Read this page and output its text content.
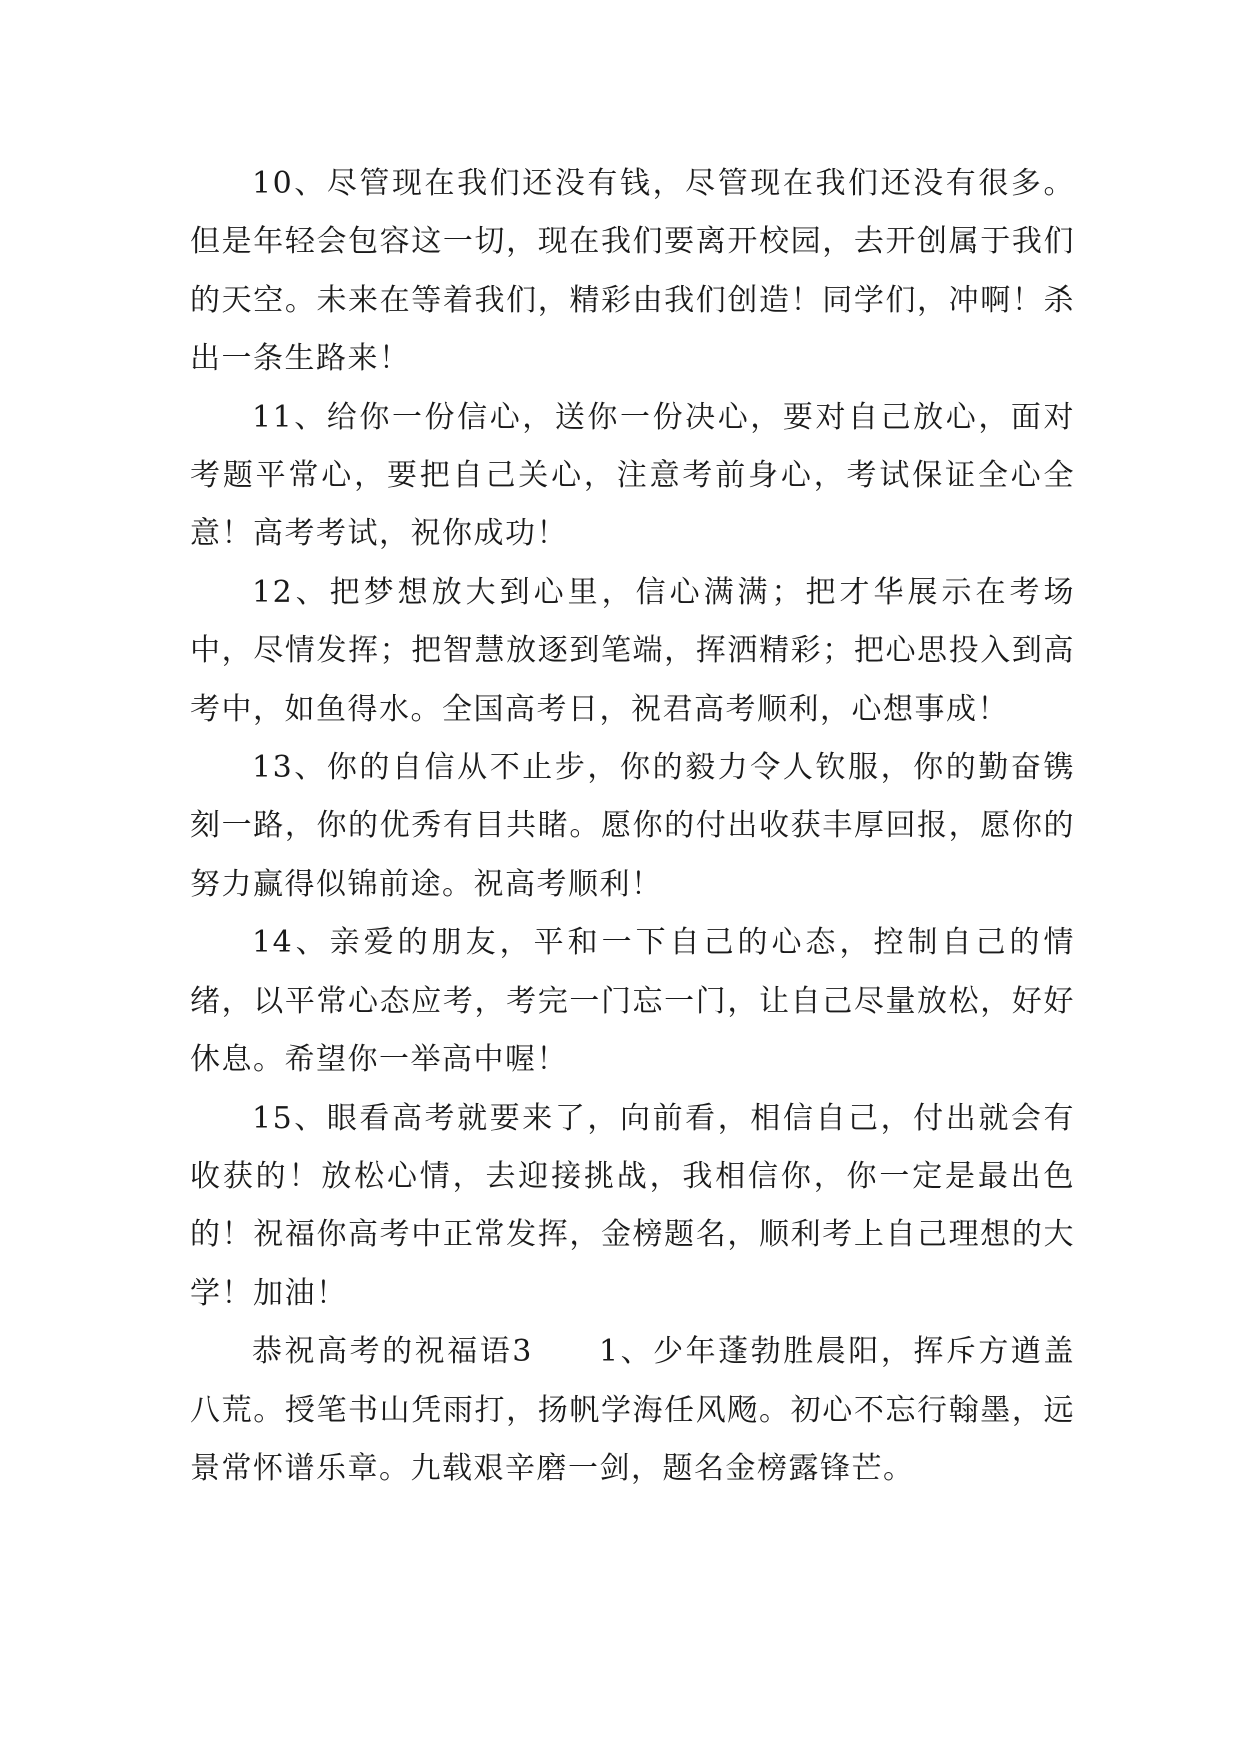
10、尽管现在我们还没有钱，尽管现在我们还没有很多。但是年轻会包容这一切，现在我们要离开校园，去开创属于我们的天空。未来在等着我们，精彩由我们创造！同学们，冲啊！杀出一条生路来！

11、给你一份信心，送你一份决心，要对自己放心，面对考题平常心，要把自己关心，注意考前身心，考试保证全心全意！高考考试，祝你成功！

12、把梦想放大到心里，信心满满；把才华展示在考场中，尽情发挥；把智慧放逐到笔端，挥洒精彩；把心思投入到高考中，如鱼得水。全国高考日，祝君高考顺利，心想事成！

13、你的自信从不止步，你的毅力令人钦服，你的勤奋镌刻一路，你的优秀有目共睹。愿你的付出收获丰厚回报，愿你的努力赢得似锦前途。祝高考顺利！

14、亲爱的朋友，平和一下自己的心态，控制自己的情绪，以平常心态应考，考完一门忘一门，让自己尽量放松，好好休息。希望你一举高中喔！

15、眼看高考就要来了，向前看，相信自己，付出就会有收获的！放松心情，去迎接挑战，我相信你，你一定是最出色的！祝福你高考中正常发挥，金榜题名，顺利考上自己理想的大学！加油！

恭祝高考的祝福语3　　1、少年蓬勃胜晨阳，挥斥方遒盖八荒。授笔书山凭雨打，扬帆学海任风飏。初心不忘行翰墨，远景常怀谱乐章。九载艰辛磨一剑，题名金榜露锋芒。
